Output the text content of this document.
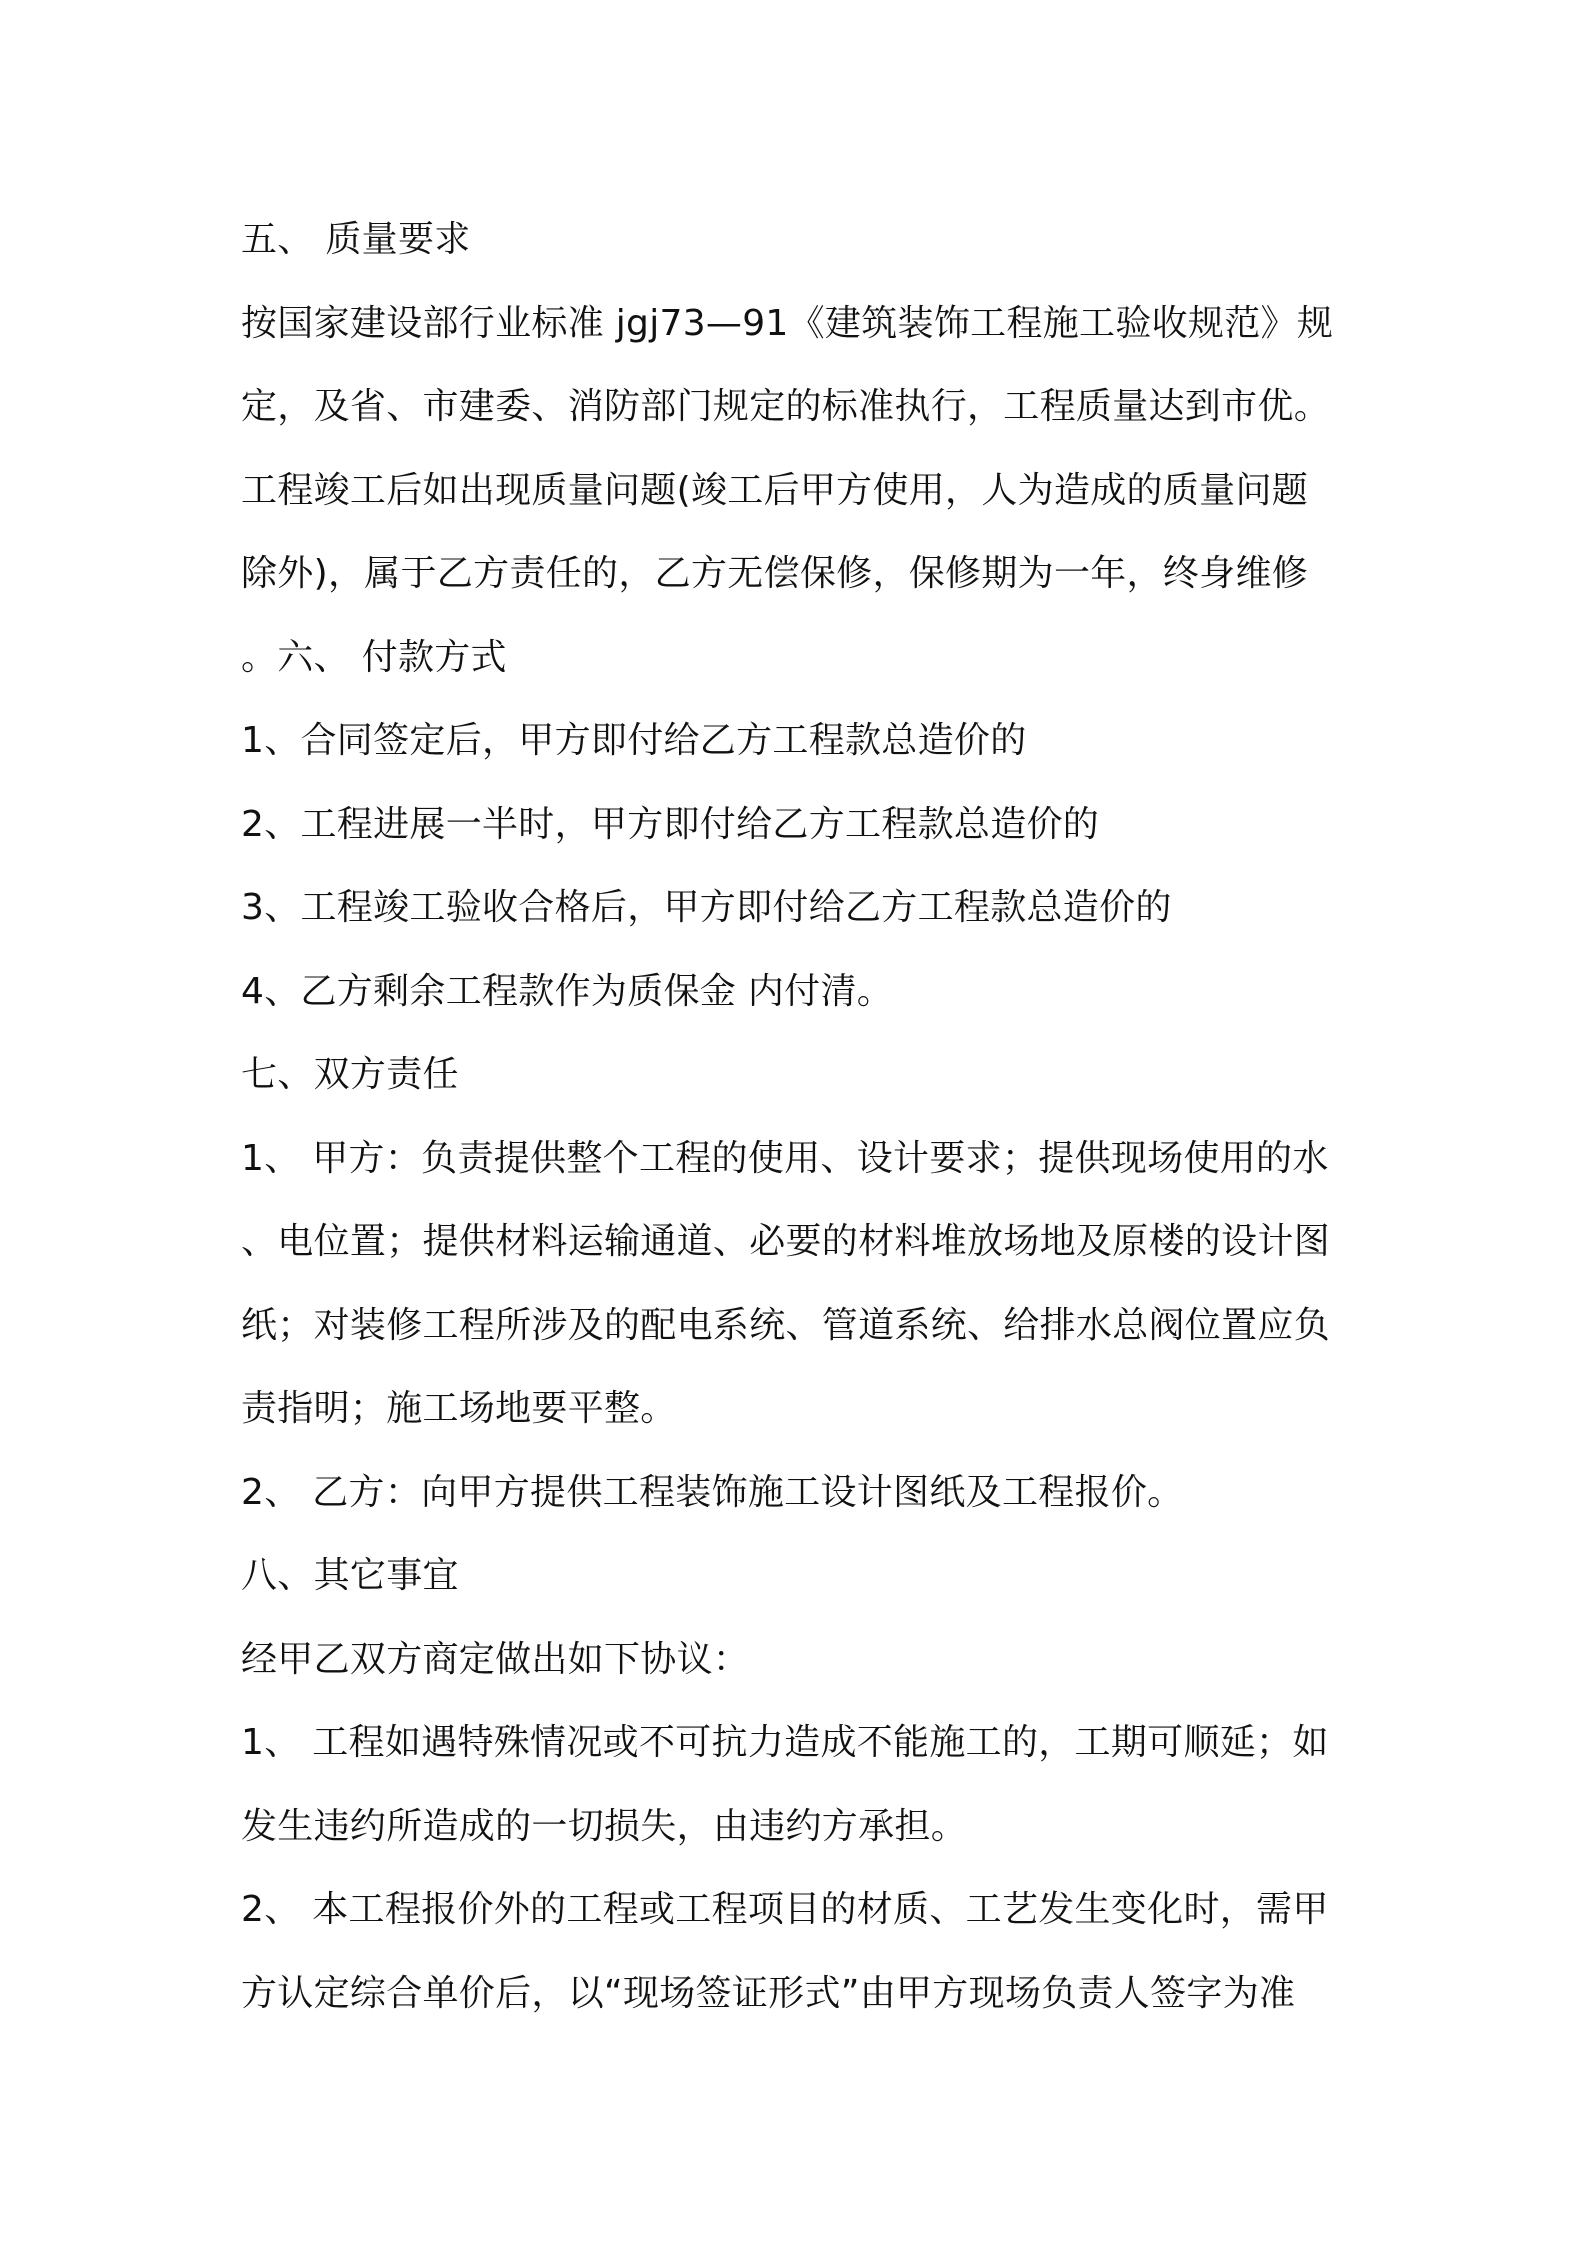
五、 质量要求
按国家建设部行业标准 jgj73—91《建筑装饰工程施工验收规范》规
定，及省、市建委、消防部门规定的标准执行，工程质量达到市优。
工程竣工后如出现质量问题(竣工后甲方使用，人为造成的质量问题
除外)，属于乙方责任的，乙方无偿保修，保修期为一年，终身维修
。六、 付款方式
1、合同签定后，甲方即付给乙方工程款总造价的
2、工程进展一半时，甲方即付给乙方工程款总造价的
3、工程竣工验收合格后，甲方即付给乙方工程款总造价的
4、乙方剩余工程款作为质保金 内付清。
七、双方责任
1、 甲方：负责提供整个工程的使用、设计要求；提供现场使用的水
、电位置；提供材料运输通道、必要的材料堆放场地及原楼的设计图
纸；对装修工程所涉及的配电系统、管道系统、给排水总阀位置应负
责指明；施工场地要平整。
2、 乙方：向甲方提供工程装饰施工设计图纸及工程报价。
八、其它事宜
经甲乙双方商定做出如下协议：
1、 工程如遇特殊情况或不可抗力造成不能施工的，工期可顺延；如
发生违约所造成的一切损失，由违约方承担。
2、 本工程报价外的工程或工程项目的材质、工艺发生变化时，需甲
方认定综合单价后，以“现场签证形式”由甲方现场负责人签字为准
